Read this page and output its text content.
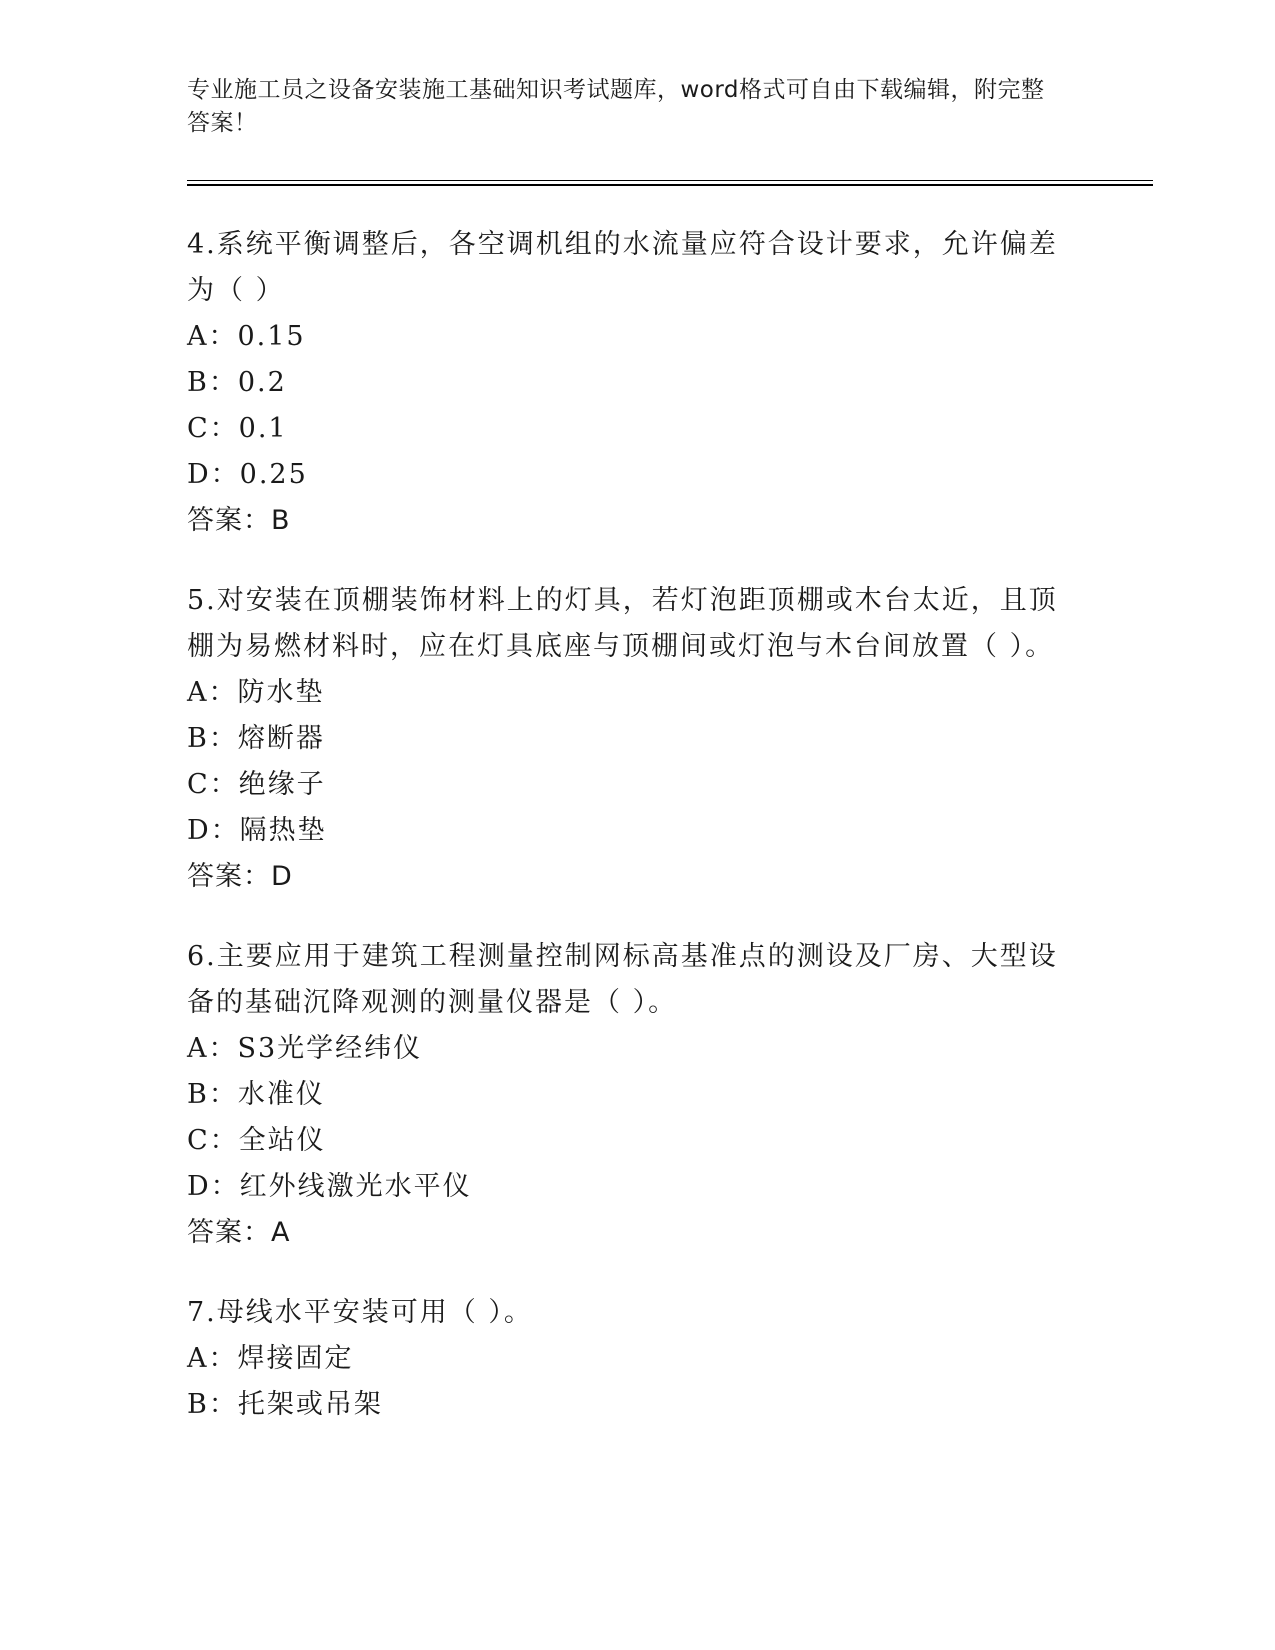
专业施工员之设备安装施工基础知识考试题库，word格式可自由下载编辑，附完整答案！

4.系统平衡调整后，各空调机组的水流量应符合设计要求，允许偏差为（ ）

A：0.15

B：0.2

C：0.1

D：0.25

答案：B

5.对安装在顶棚装饰材料上的灯具，若灯泡距顶棚或木台太近，且顶棚为易燃材料时，应在灯具底座与顶棚间或灯泡与木台间放置（ ）。

A：防水垫

B：熔断器

C：绝缘子

D：隔热垫

答案：D

6.主要应用于建筑工程测量控制网标高基准点的测设及厂房、大型设备的基础沉降观测的测量仪器是（ ）。

A：S3光学经纬仪

B：水准仪

C：全站仪

D：红外线激光水平仪

答案：A

7.母线水平安装可用（ ）。

A：焊接固定

B：托架或吊架
